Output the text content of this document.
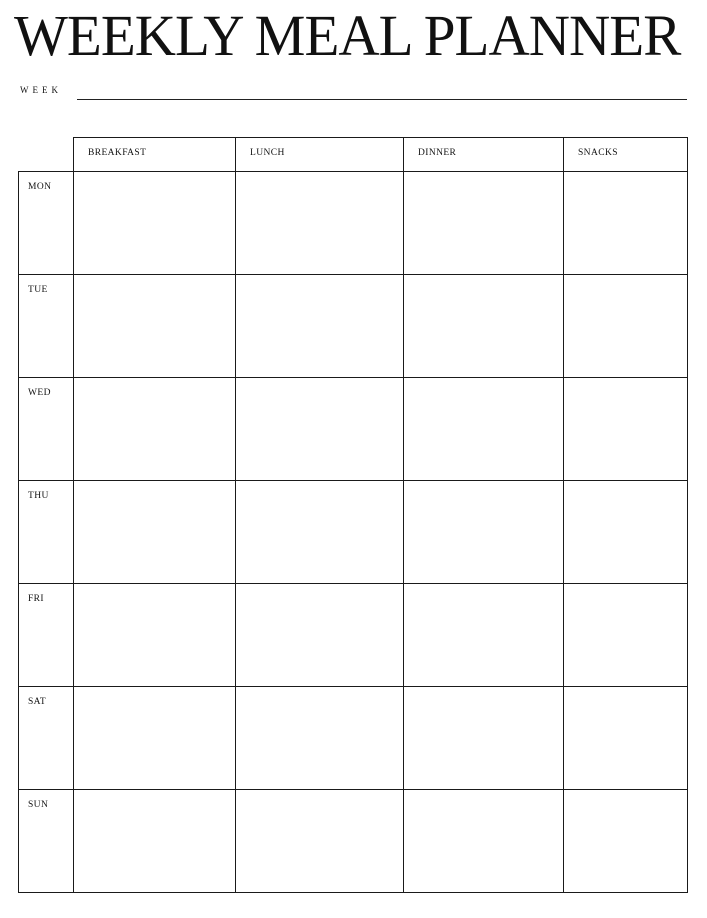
WEEKLY MEAL PLANNER
WEEK
	BREAKFAST	LUNCH	DINNER	SNACKS
MON				
TUE				
WED				
THU				
FRI				
SAT				
SUN				
